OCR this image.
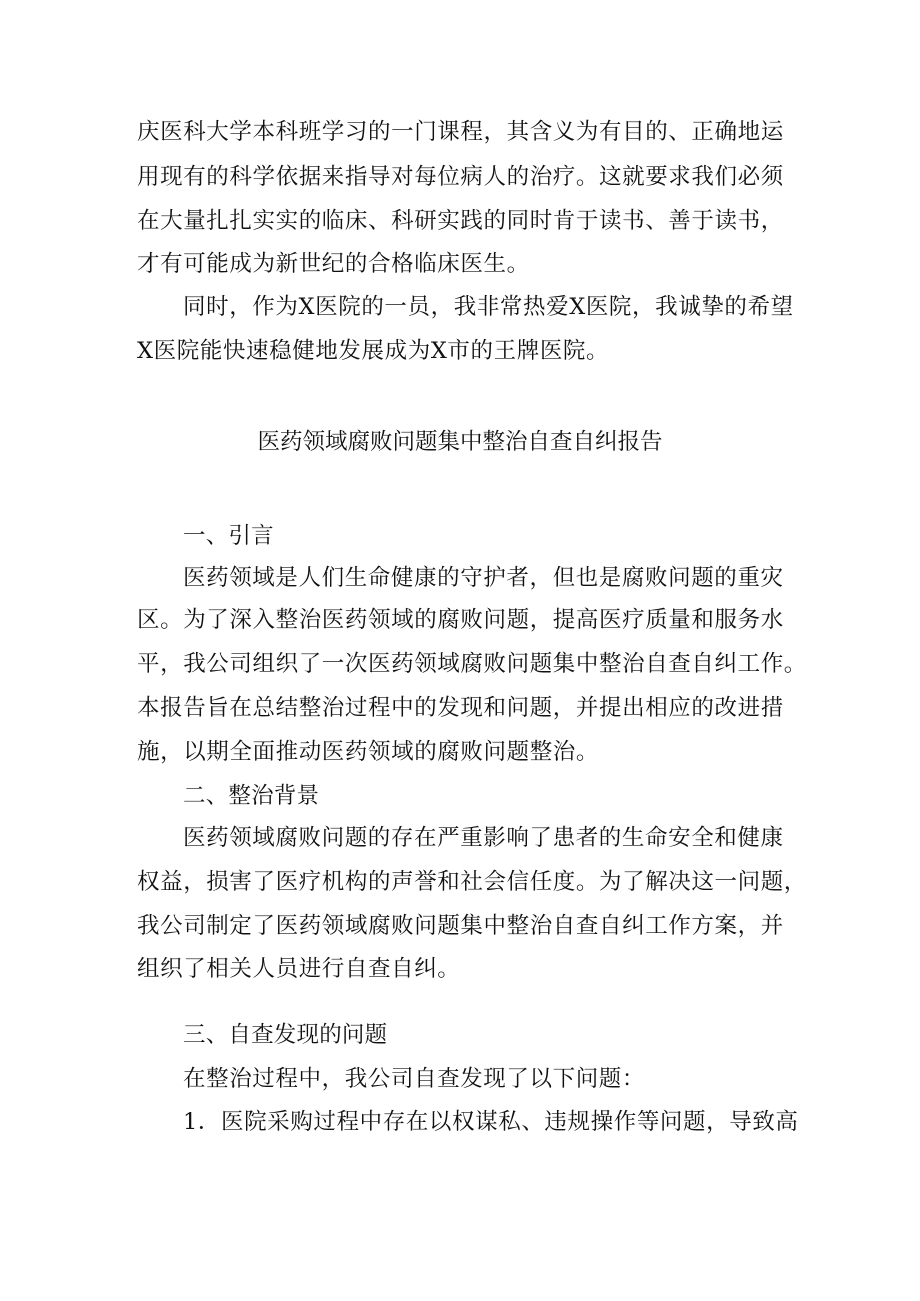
庆医科大学本科班学习的一门课程，其含义为有目的、正确地运
用现有的科学依据来指导对每位病人的治疗。这就要求我们必须
在大量扎扎实实的临床、科研实践的同时肯于读书、善于读书，
才有可能成为新世纪的合格临床医生。
同时，作为X医院的一员，我非常热爱X医院，我诚挚的希望
X医院能快速稳健地发展成为X市的王牌医院。
医药领域腐败问题集中整治自查自纠报告
一、引言
医药领域是人们生命健康的守护者，但也是腐败问题的重灾
区。为了深入整治医药领域的腐败问题，提高医疗质量和服务水
平，我公司组织了一次医药领域腐败问题集中整治自查自纠工作。
本报告旨在总结整治过程中的发现和问题，并提出相应的改进措
施，以期全面推动医药领域的腐败问题整治。
二、整治背景
医药领域腐败问题的存在严重影响了患者的生命安全和健康
权益，损害了医疗机构的声誉和社会信任度。为了解决这一问题，
我公司制定了医药领域腐败问题集中整治自查自纠工作方案，并
组织了相关人员进行自查自纠。
三、自查发现的问题
在整治过程中，我公司自查发现了以下问题：
1．医院采购过程中存在以权谋私、违规操作等问题，导致高
